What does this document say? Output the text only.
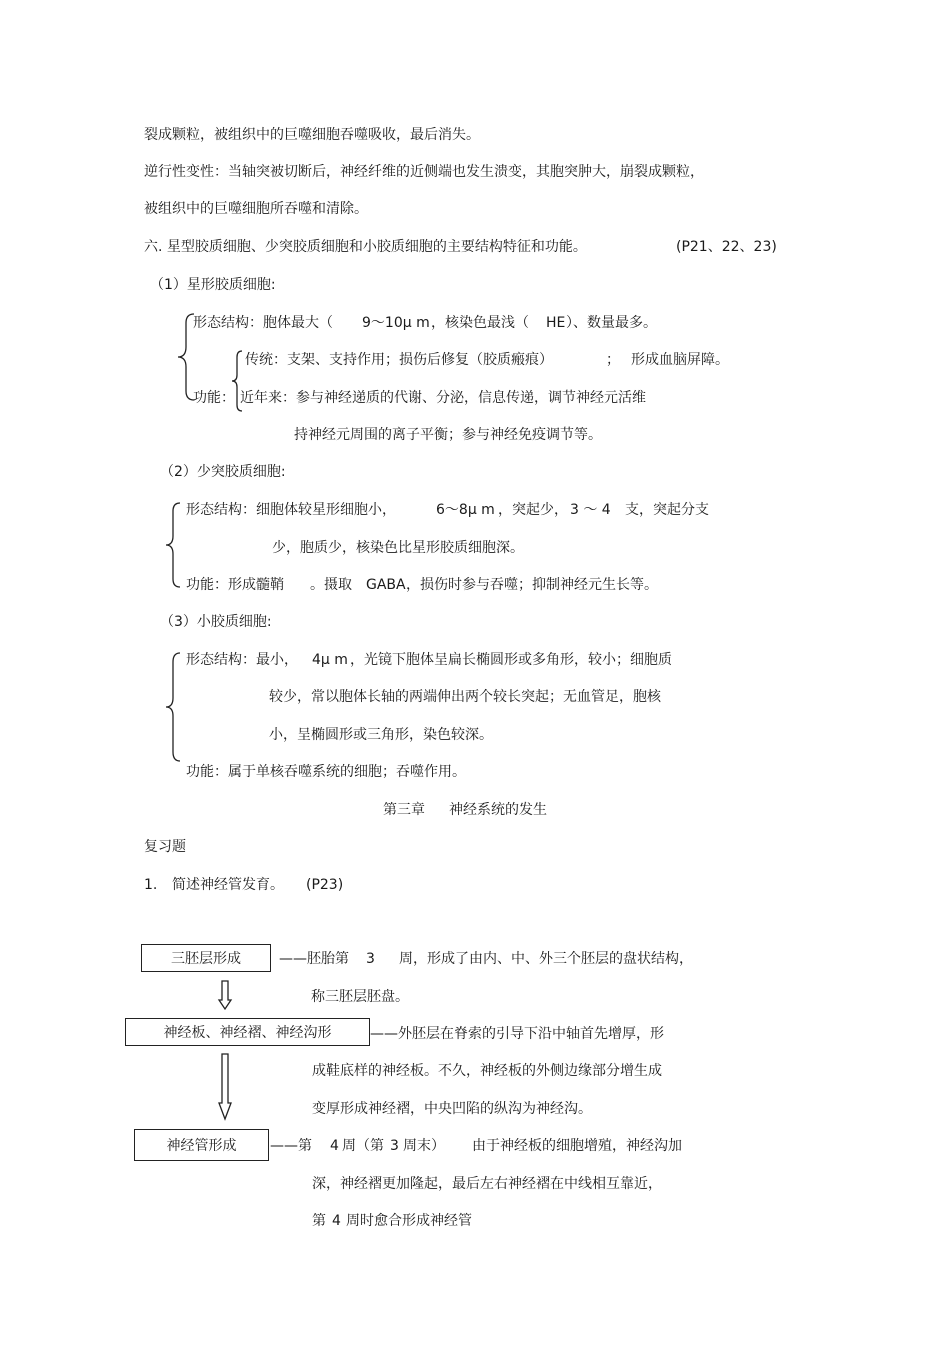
裂成颗粒，被组织中的巨噬细胞吞噬吸收，最后消失。
逆行性变性：当轴突被切断后，神经纤维的近侧端也发生溃变，其胞突肿大，崩裂成颗粒，
被组织中的巨噬细胞所吞噬和清除。
六. 星型胶质细胞、少突胶质细胞和小胶质细胞的主要结构特征和功能。	(P21、22、23)
（1）星形胶质细胞:
形态结构：胞体最大（ 9～10μ m ，核染色最浅（ HE ）、数量最多。
传统：支架、支持作用；损伤后修复（胶质瘢痕）	； 形成血脑屏障。
功能： 近年来：参与神经递质的代谢、分泌，信息传递，调节神经元活维
持神经元周围的离子平衡；参与神经免疫调节等。
（2）少突胶质细胞:
形态结构：细胞体较星形细胞小，	6～8μ m ，突起少， 3 ～ 4 支，突起分支
少，胞质少，核染色比星形胶质细胞深。
功能：形成髓鞘 。摄取 GABA ，损伤时参与吞噬；抑制神经元生长等。
（3）小胶质细胞:
形态结构：最小， 4μ m ，光镜下胞体呈扁长椭圆形或多角形，较小；细胞质
较少，常以胞体长轴的两端伸出两个较长突起；无血管足，胞核
小，呈椭圆形或三角形，染色较深。
功能：属于单核吞噬系统的细胞；吞噬作用。
第三章 神经系统的发生
复习题
1. 简述神经管发育。 (P23)
三胚层形成	——胚胎第 3 周，形成了由内、中、外三个胚层的盘状结构，
称三胚层胚盘。
神经板、神经褶、神经沟形	——外胚层在脊索的引导下沿中轴首先增厚，形
成鞋底样的神经板。不久，神经板的外侧边缘部分增生成
变厚形成神经褶，中央凹陷的纵沟为神经沟。
神经管形成 ——第 4 周（第 3 周末） 由于神经板的细胞增殖，神经沟加
深，神经褶更加隆起，最后左右神经褶在中线相互靠近，
第 4 周时愈合形成神经管
